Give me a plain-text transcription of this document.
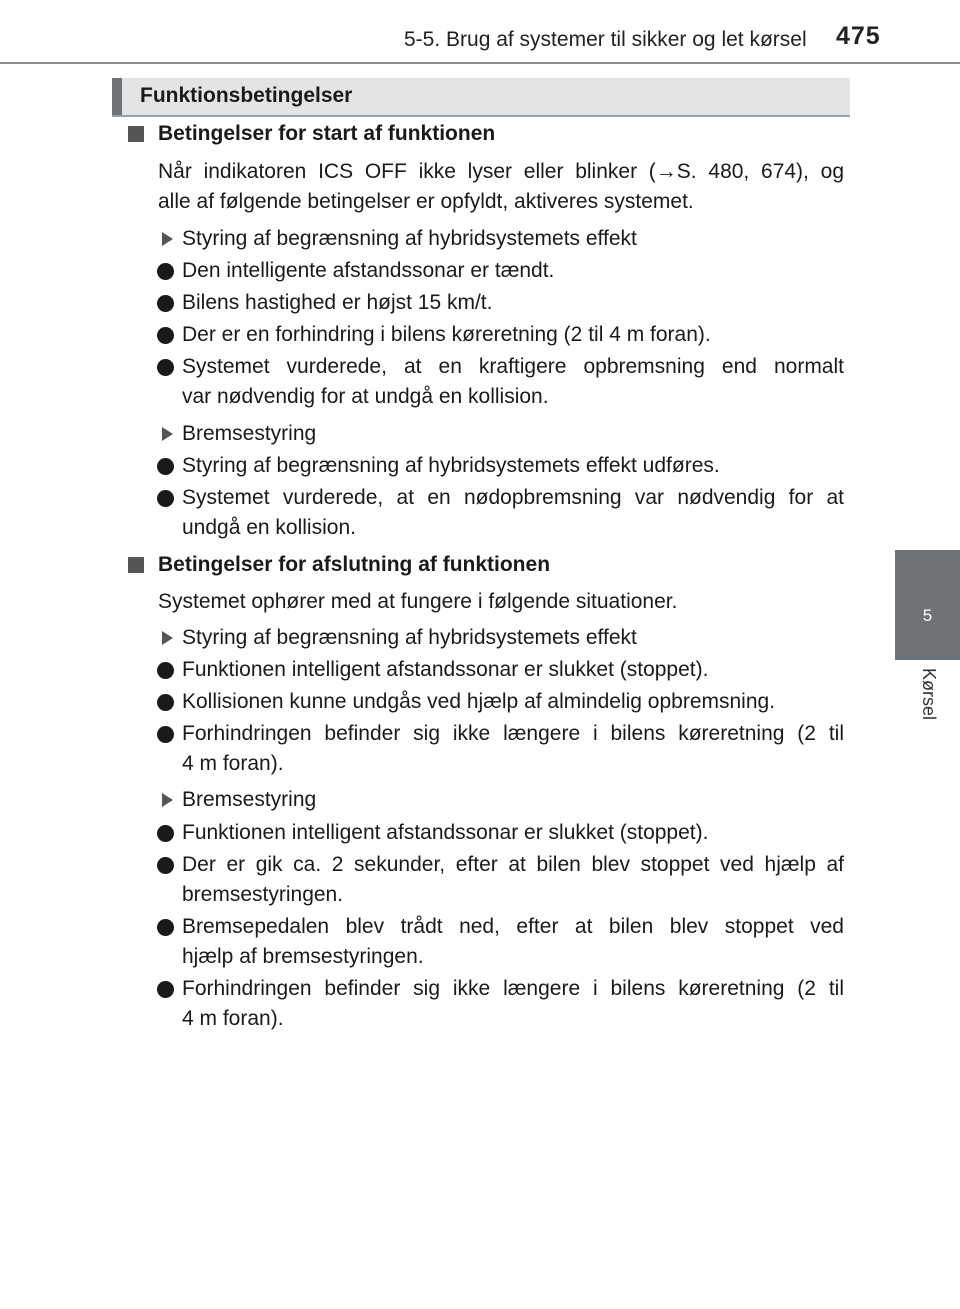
5-5. Brug af systemer til sikker og let kørsel 475
5
Kørsel
Funktionsbetingelser
Betingelser for start af funktionen
Når indikatoren ICS OFF ikke lyser eller blinker (→S. 480, 674), og
alle af følgende betingelser er opfyldt, aktiveres systemet.
Styring af begrænsning af hybridsystemets effekt
Den intelligente afstandssonar er tændt.
Bilens hastighed er højst 15 km/t.
Der er en forhindring i bilens køreretning (2 til 4 m foran).
Systemet vurderede, at en kraftigere opbremsning end normalt
var nødvendig for at undgå en kollision.
Bremsestyring
Styring af begrænsning af hybridsystemets effekt udføres.
Systemet vurderede, at en nødopbremsning var nødvendig for at
undgå en kollision.
Betingelser for afslutning af funktionen
Systemet ophører med at fungere i følgende situationer.
Styring af begrænsning af hybridsystemets effekt
Funktionen intelligent afstandssonar er slukket (stoppet).
Kollisionen kunne undgås ved hjælp af almindelig opbremsning.
Forhindringen befinder sig ikke længere i bilens køreretning (2 til
4 m foran).
Bremsestyring
Funktionen intelligent afstandssonar er slukket (stoppet).
Der er gik ca. 2 sekunder, efter at bilen blev stoppet ved hjælp af
bremsestyringen.
Bremsepedalen blev trådt ned, efter at bilen blev stoppet ved
hjælp af bremsestyringen.
Forhindringen befinder sig ikke længere i bilens køreretning (2 til
4 m foran).
